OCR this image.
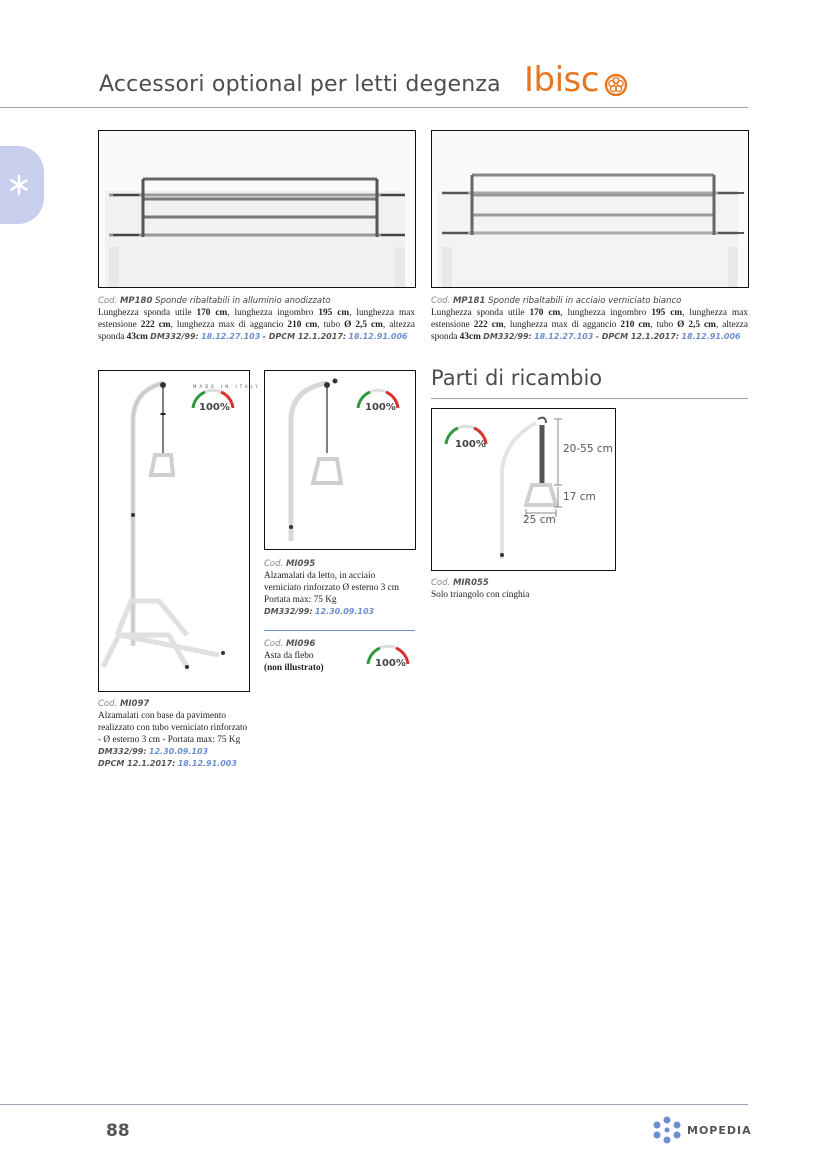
Accessori optional per letti degenza Ibisc
Cod. MP180 Sponde ribaltabili in alluminio anodizzato
Lunghezza sponda utile 170 cm, lunghezza ingombro 195 cm, lunghezza max estensione 222 cm, lunghezza max di aggancio 210 cm, tubo Ø 2,5 cm, altezza sponda 43cm DM332/99: 18.12.27.103 - DPCM 12.1.2017: 18.12.91.006
Cod. MP181 Sponde ribaltabili in acciaio verniciato bianco
Lunghezza sponda utile 170 cm, lunghezza ingombro 195 cm, lunghezza max estensione 222 cm, lunghezza max di aggancio 210 cm, tubo Ø 2,5 cm, altezza sponda 43cm DM332/99: 18.12.27.103 - DPCM 12.1.2017: 18.12.91.006
MADE IN ITALY
100%
Cod. MI097
Alzamalati con base da pavimento
realizzato con tubo verniciato rinforzato
- Ø esterno 3 cm - Portata max: 75 Kg
DM332/99: 12.30.09.103
DPCM 12.1.2017: 18.12.91.003
100%
Cod. MI095
Alzamalati da letto, in acciaio
verniciato rinforzato Ø esterno 3 cm
Portata max: 75 Kg
DM332/99: 12.30.09.103
Cod. MI096
Asta da flebo
(non illustrato)	100%
Parti di ricambio
20-55 cm
17 cm
25 cm
100%
Cod. MIR055
Solo triangolo con cinghia
88	MOPEDIA
